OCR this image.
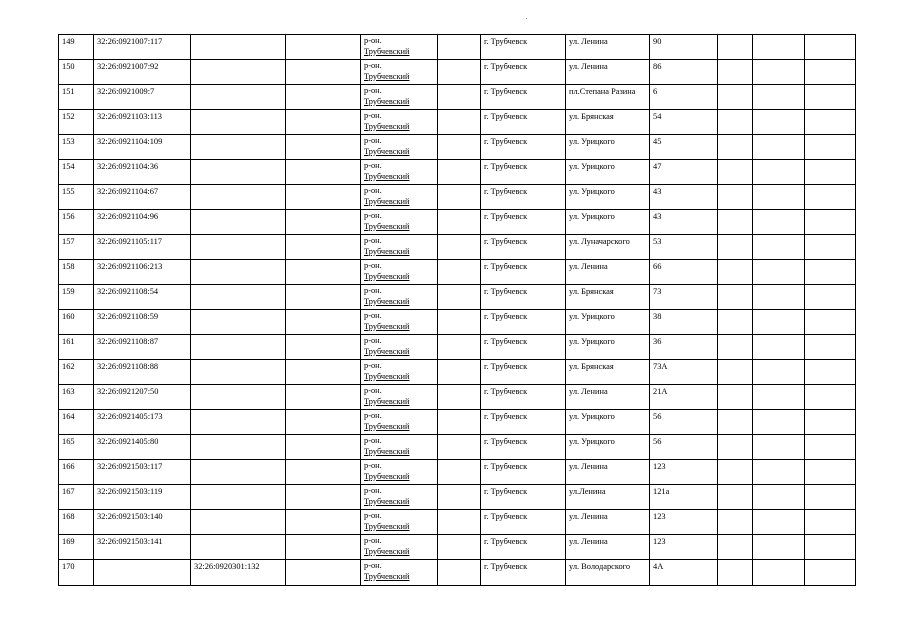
149	32:26:0921007:117			р-он.
Трубчевский		г. Трубчевск	ул. Ленина	90			
150	32:26:0921007:92			р-он.
Трубчевский		г. Трубчевск	ул. Ленина	86			
151	32:26:0921009:7			р-он.
Трубчевский		г. Трубчевск	пл.Степана Разина	6			
152	32:26:0921103:113			р-он.
Трубчевский		г. Трубчевск	ул. Брянская	54			
153	32:26:0921104:109			р-он.
Трубчевский		г. Трубчевск	ул. Урицкого	45			
154	32:26:0921104:36			р-он.
Трубчевский		г. Трубчевск	ул. Урицкого	47			
155	32:26:0921104:67			р-он.
Трубчевский		г. Трубчевск	ул. Урицкого	43			
156	32:26:0921104:96			р-он.
Трубчевский		г. Трубчевск	ул. Урицкого	43			
157	32:26:0921105:117			р-он.
Трубчевский		г. Трубчевск	ул. Луначарского	53			
158	32:26:0921106:213			р-он.
Трубчевский		г. Трубчевск	ул. Ленина	66			
159	32:26:0921108:54			р-он.
Трубчевский		г. Трубчевск	ул. Брянская	73			
160	32:26:0921108:59			р-он.
Трубчевский		г. Трубчевск	ул. Урицкого	38			
161	32:26:0921108:87			р-он.
Трубчевский		г. Трубчевск	ул. Урицкого	36			
162	32:26:0921108:88			р-он.
Трубчевский		г. Трубчевск	ул. Брянская	73А			
163	32:26:0921207:50			р-он.
Трубчевский		г. Трубчевск	ул. Ленина	21А			
164	32:26:0921405:173			р-он.
Трубчевский		г. Трубчевск	ул. Урицкого	56			
165	32:26:0921405:80			р-он.
Трубчевский		г. Трубчевск	ул. Урицкого	56			
166	32:26:0921503:117			р-он.
Трубчевский		г. Трубчевск	ул. Ленина	123			
167	32:26:0921503:119			р-он.
Трубчевский		г. Трубчевск	ул.Ленина	121а			
168	32:26:0921503:140			р-он.
Трубчевский		г. Трубчевск	ул. Ленина	123			
169	32:26:0921503:141			р-он.
Трубчевский		г. Трубчевск	ул. Ленина	123			
170		32:26:0920301:132		р-он.
Трубчевский		г. Трубчевск	ул. Володарского	4А			
